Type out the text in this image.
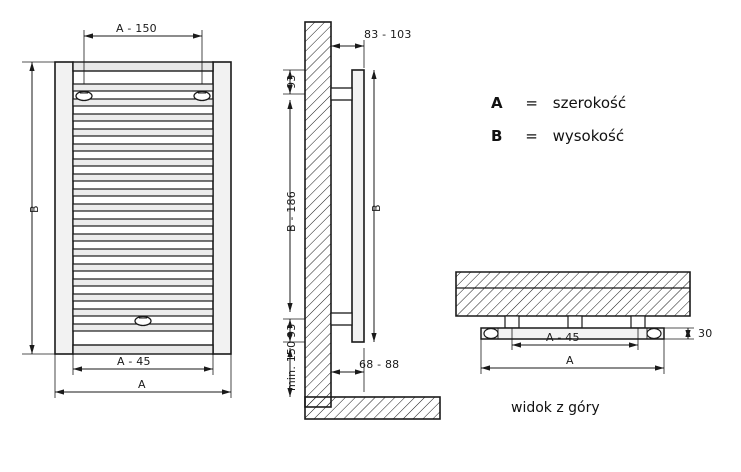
A - 150
B
A - 45
A
83 - 103
93
B - 186
93
min. 150
B
68 - 88
A - 45
A
30
widok z góry
A = szerokość
B = wysokość
